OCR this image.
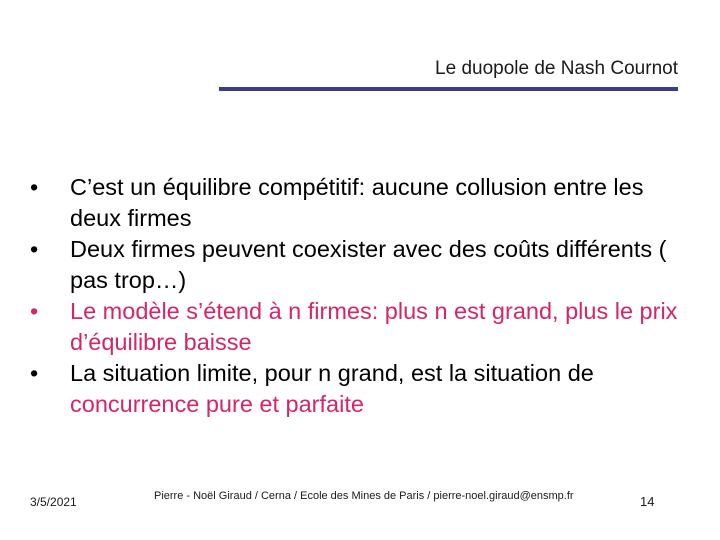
Le duopole de Nash Cournot
•	C’est un équilibre compétitif: aucune collusion entre les deux firmes
•	Deux firmes peuvent coexister avec des coûts différents ( pas trop…)
•	Le modèle s’étend à n firmes: plus n est grand, plus le prix d’équilibre baisse
•	La situation limite, pour n grand, est la situation de concurrence pure et parfaite
3/5/2021	Pierre - Noël Giraud / Cerna / Ecole des Mines de Paris / pierre-noel.giraud@ensmp.fr	14
